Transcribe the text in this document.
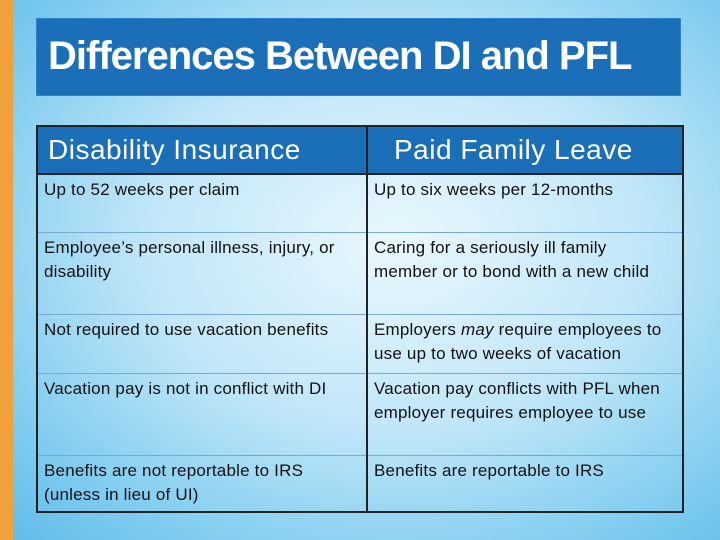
Differences Between DI and PFL
Disability Insurance	Paid Family Leave
Up to 52 weeks per claim	Up to six weeks per 12-months
Employee’s personal illness, injury, or disability	Caring for a seriously ill family member or to bond with a new child
Not required to use vacation benefits	Employers may require employees to use up to two weeks of vacation
Vacation pay is not in conflict with DI	Vacation pay conflicts with PFL when employer requires employee to use
Benefits are not reportable to IRS (unless in lieu of UI)	Benefits are reportable to IRS
